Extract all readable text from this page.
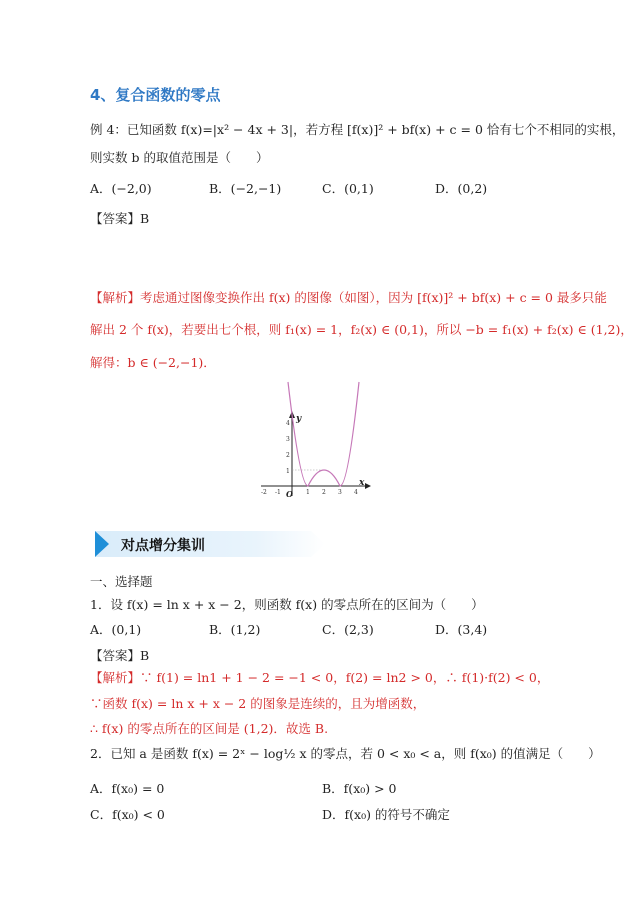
4、复合函数的零点
例 4：已知函数 f(x)=|x² − 4x + 3|，若方程 [f(x)]² + bf(x) + c = 0 恰有七个不相同的实根，
则实数 b 的取值范围是（　　）
A．(−2,0)	B．(−2,−1)	C．(0,1)	D．(0,2)
【答案】B
【解析】考虑通过图像变换作出 f(x) 的图像（如图），因为 [f(x)]² + bf(x) + c = 0 最多只能
解出 2 个 f(x)，若要出七个根，则 f₁(x) = 1，f₂(x) ∈ (0,1)，所以 −b = f₁(x) + f₂(x) ∈ (1,2)，
解得：b ∈ (−2,−1)．
-2 -1	1 2 3 4
1
2
3
4 y
x
O
对点增分集训
一、选择题
1．设 f(x) = ln x + x − 2，则函数 f(x) 的零点所在的区间为（　　）
A．(0,1)	B．(1,2)	C．(2,3)	D．(3,4)
【答案】B
【解析】∵ f(1) = ln1 + 1 − 2 = −1 < 0，f(2) = ln2 > 0，∴ f(1)·f(2) < 0，
∵函数 f(x) = ln x + x − 2 的图象是连续的，且为增函数，
∴ f(x) 的零点所在的区间是 (1,2)．故选 B.
2．已知 a 是函数 f(x) = 2ˣ − log½ x 的零点，若 0 < x₀ < a，则 f(x₀) 的值满足（　　）
A．f(x₀) = 0	B．f(x₀) > 0
C．f(x₀) < 0	D．f(x₀) 的符号不确定
